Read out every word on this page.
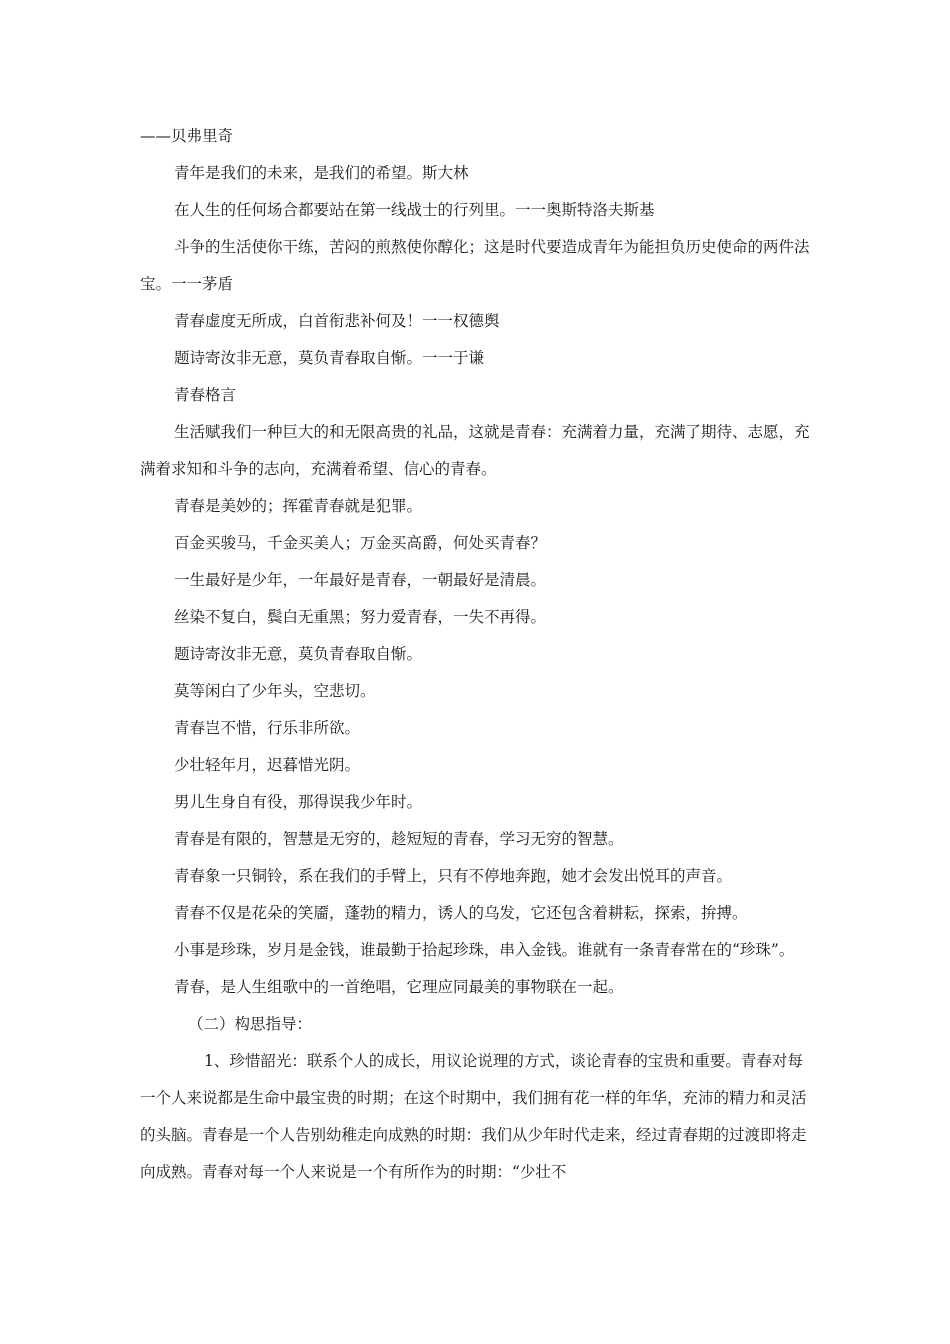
——贝弗里奇

青年是我们的未来，是我们的希望。斯大林

在人生的任何场合都要站在第一线战士的行列里。一一奥斯特洛夫斯基

斗争的生活使你干练，苦闷的煎熬使你醇化；这是时代要造成青年为能担负历史使命的两件法宝。一一茅盾

青春虚度无所成，白首衔悲补何及！一一权德舆

题诗寄汝非无意，莫负青春取自惭。一一于谦

青春格言

生活赋我们一种巨大的和无限高贵的礼品，这就是青春：充满着力量，充满了期待、志愿，充满着求知和斗争的志向，充满着希望、信心的青春。

青春是美妙的；挥霍青春就是犯罪。

百金买骏马，千金买美人；万金买高爵，何处买青春？

一生最好是少年，一年最好是青春，一朝最好是清晨。

丝染不复白，鬓白无重黑；努力爱青春，一失不再得。

题诗寄汝非无意，莫负青春取自惭。

莫等闲白了少年头，空悲切。

青春岂不惜，行乐非所欲。

少壮轻年月，迟暮惜光阴。

男儿生身自有役，那得误我少年时。

青春是有限的，智慧是无穷的，趁短短的青春，学习无穷的智慧。

青春象一只铜铃，系在我们的手臂上，只有不停地奔跑，她才会发出悦耳的声音。

青春不仅是花朵的笑靥，蓬勃的精力，诱人的乌发，它还包含着耕耘，探索，拚搏。

小事是珍珠，岁月是金钱，谁最勤于拾起珍珠，串入金钱。谁就有一条青春常在的“珍珠”。

青春，是人生组歌中的一首绝唱，它理应同最美的事物联在一起。

（二）构思指导：

1、珍惜韶光：联系个人的成长，用议论说理的方式，谈论青春的宝贵和重要。青春对每一个人来说都是生命中最宝贵的时期；在这个时期中，我们拥有花一样的年华，充沛的精力和灵活的头脑。青春是一个人告别幼稚走向成熟的时期：我们从少年时代走来，经过青春期的过渡即将走向成熟。青春对每一个人来说是一个有所作为的时期：“少壮不
